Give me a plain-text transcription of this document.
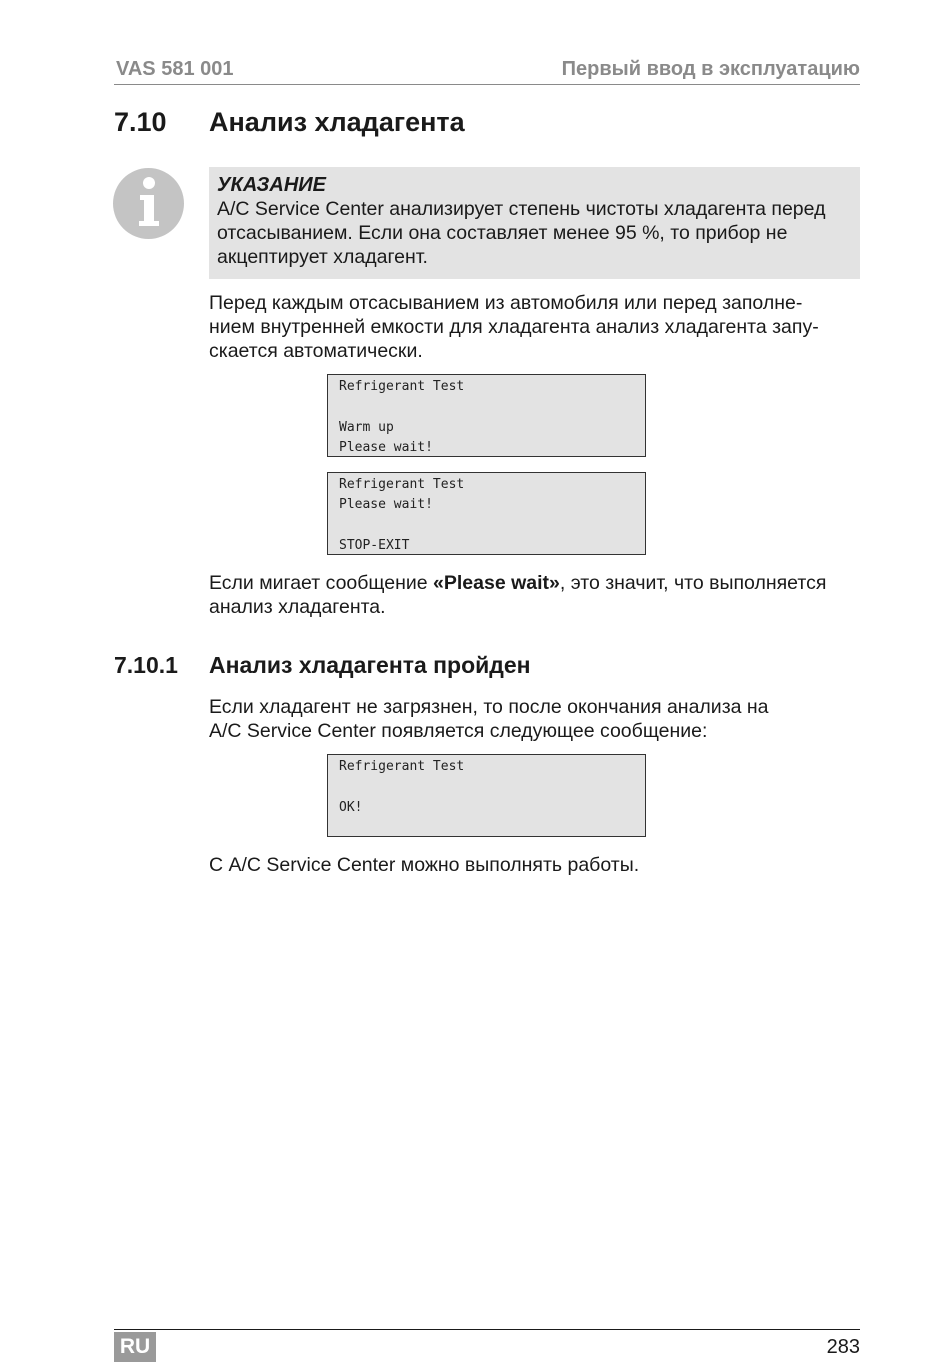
VAS 581 001	Первый ввод в эксплуатацию
7.10 Анализ хладагента
УКАЗАНИЕ
A/C Service Center анализирует степень чистоты хладагента перед
отсасыванием. Если она составляет менее 95 %, то прибор не
акцептирует хладагент.
Перед каждым отсасыванием из автомобиля или перед заполне-
нием внутренней емкости для хладагента анализ хладагента запу-
скается автоматически.
Refrigerant Test
Warm up
Please wait!
Refrigerant Test
Please wait!
STOP-EXIT
Если мигает сообщение «Please wait», это значит, что выполняется
анализ хладагента.
7.10.1 Анализ хладагента пройден
Если хладагент не загрязнен, то после окончания анализа на
A/C Service Center появляется следующее сообщение:
Refrigerant Test
OK!
С A/C Service Center можно выполнять работы.
RU	283
